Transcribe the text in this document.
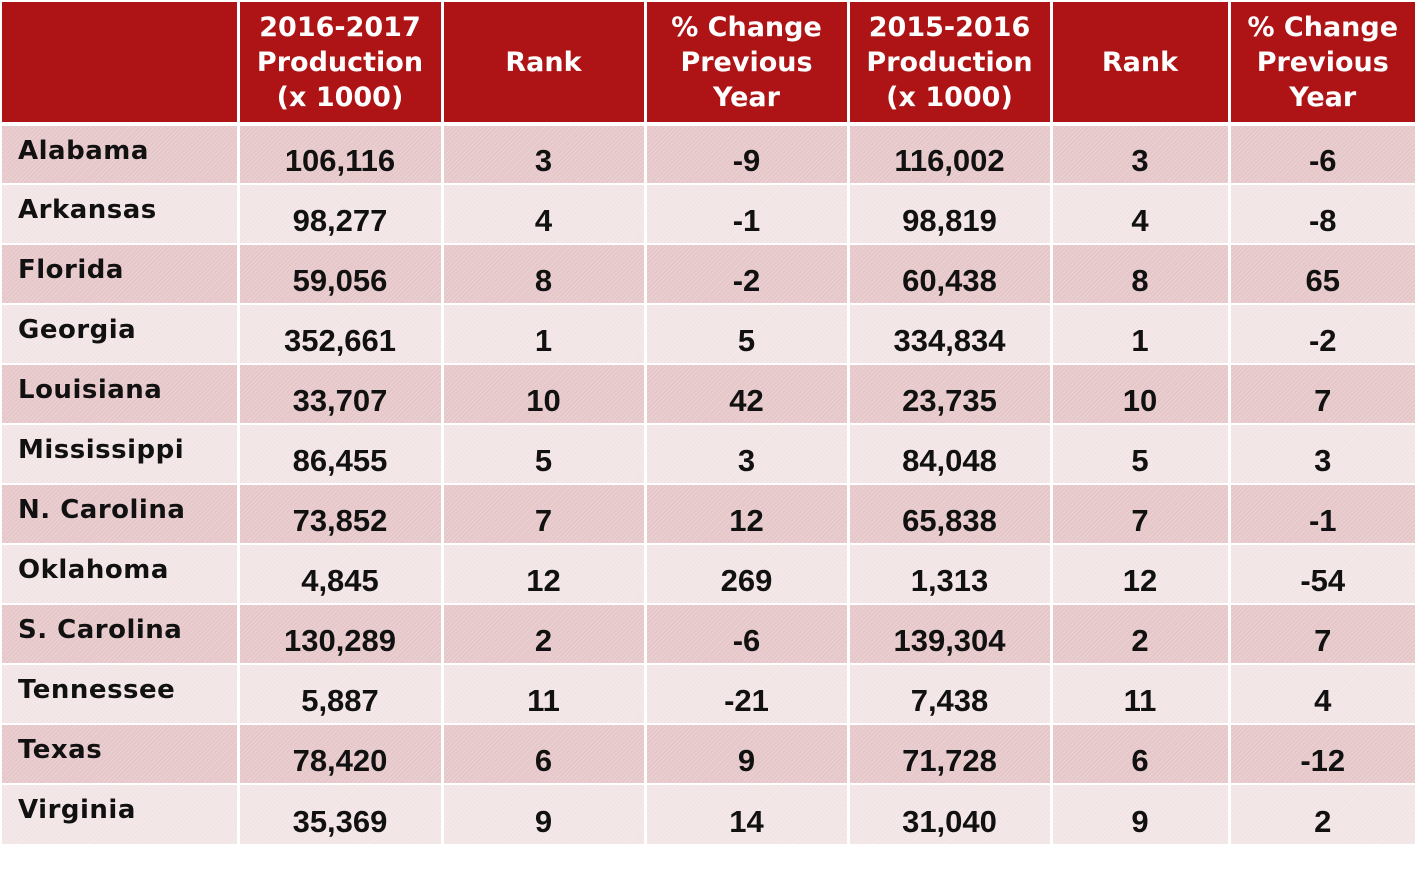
	2016-2017
Production
(x 1000)	Rank	% Change
Previous
Year	2015-2016
Production
(x 1000)	Rank	% Change
Previous
Year

Alabama	106,116	3	-9	116,002	3	-6
Arkansas	98,277	4	-1	98,819	4	-8
Florida	59,056	8	-2	60,438	8	65
Georgia	352,661	1	5	334,834	1	-2
Louisiana	33,707	10	42	23,735	10	7
Mississippi	86,455	5	3	84,048	5	3
N. Carolina	73,852	7	12	65,838	7	-1
Oklahoma	4,845	12	269	1,313	12	-54
S. Carolina	130,289	2	-6	139,304	2	7
Tennessee	5,887	11	-21	7,438	11	4
Texas	78,420	6	9	71,728	6	-12
Virginia	35,369	9	14	31,040	9	2
